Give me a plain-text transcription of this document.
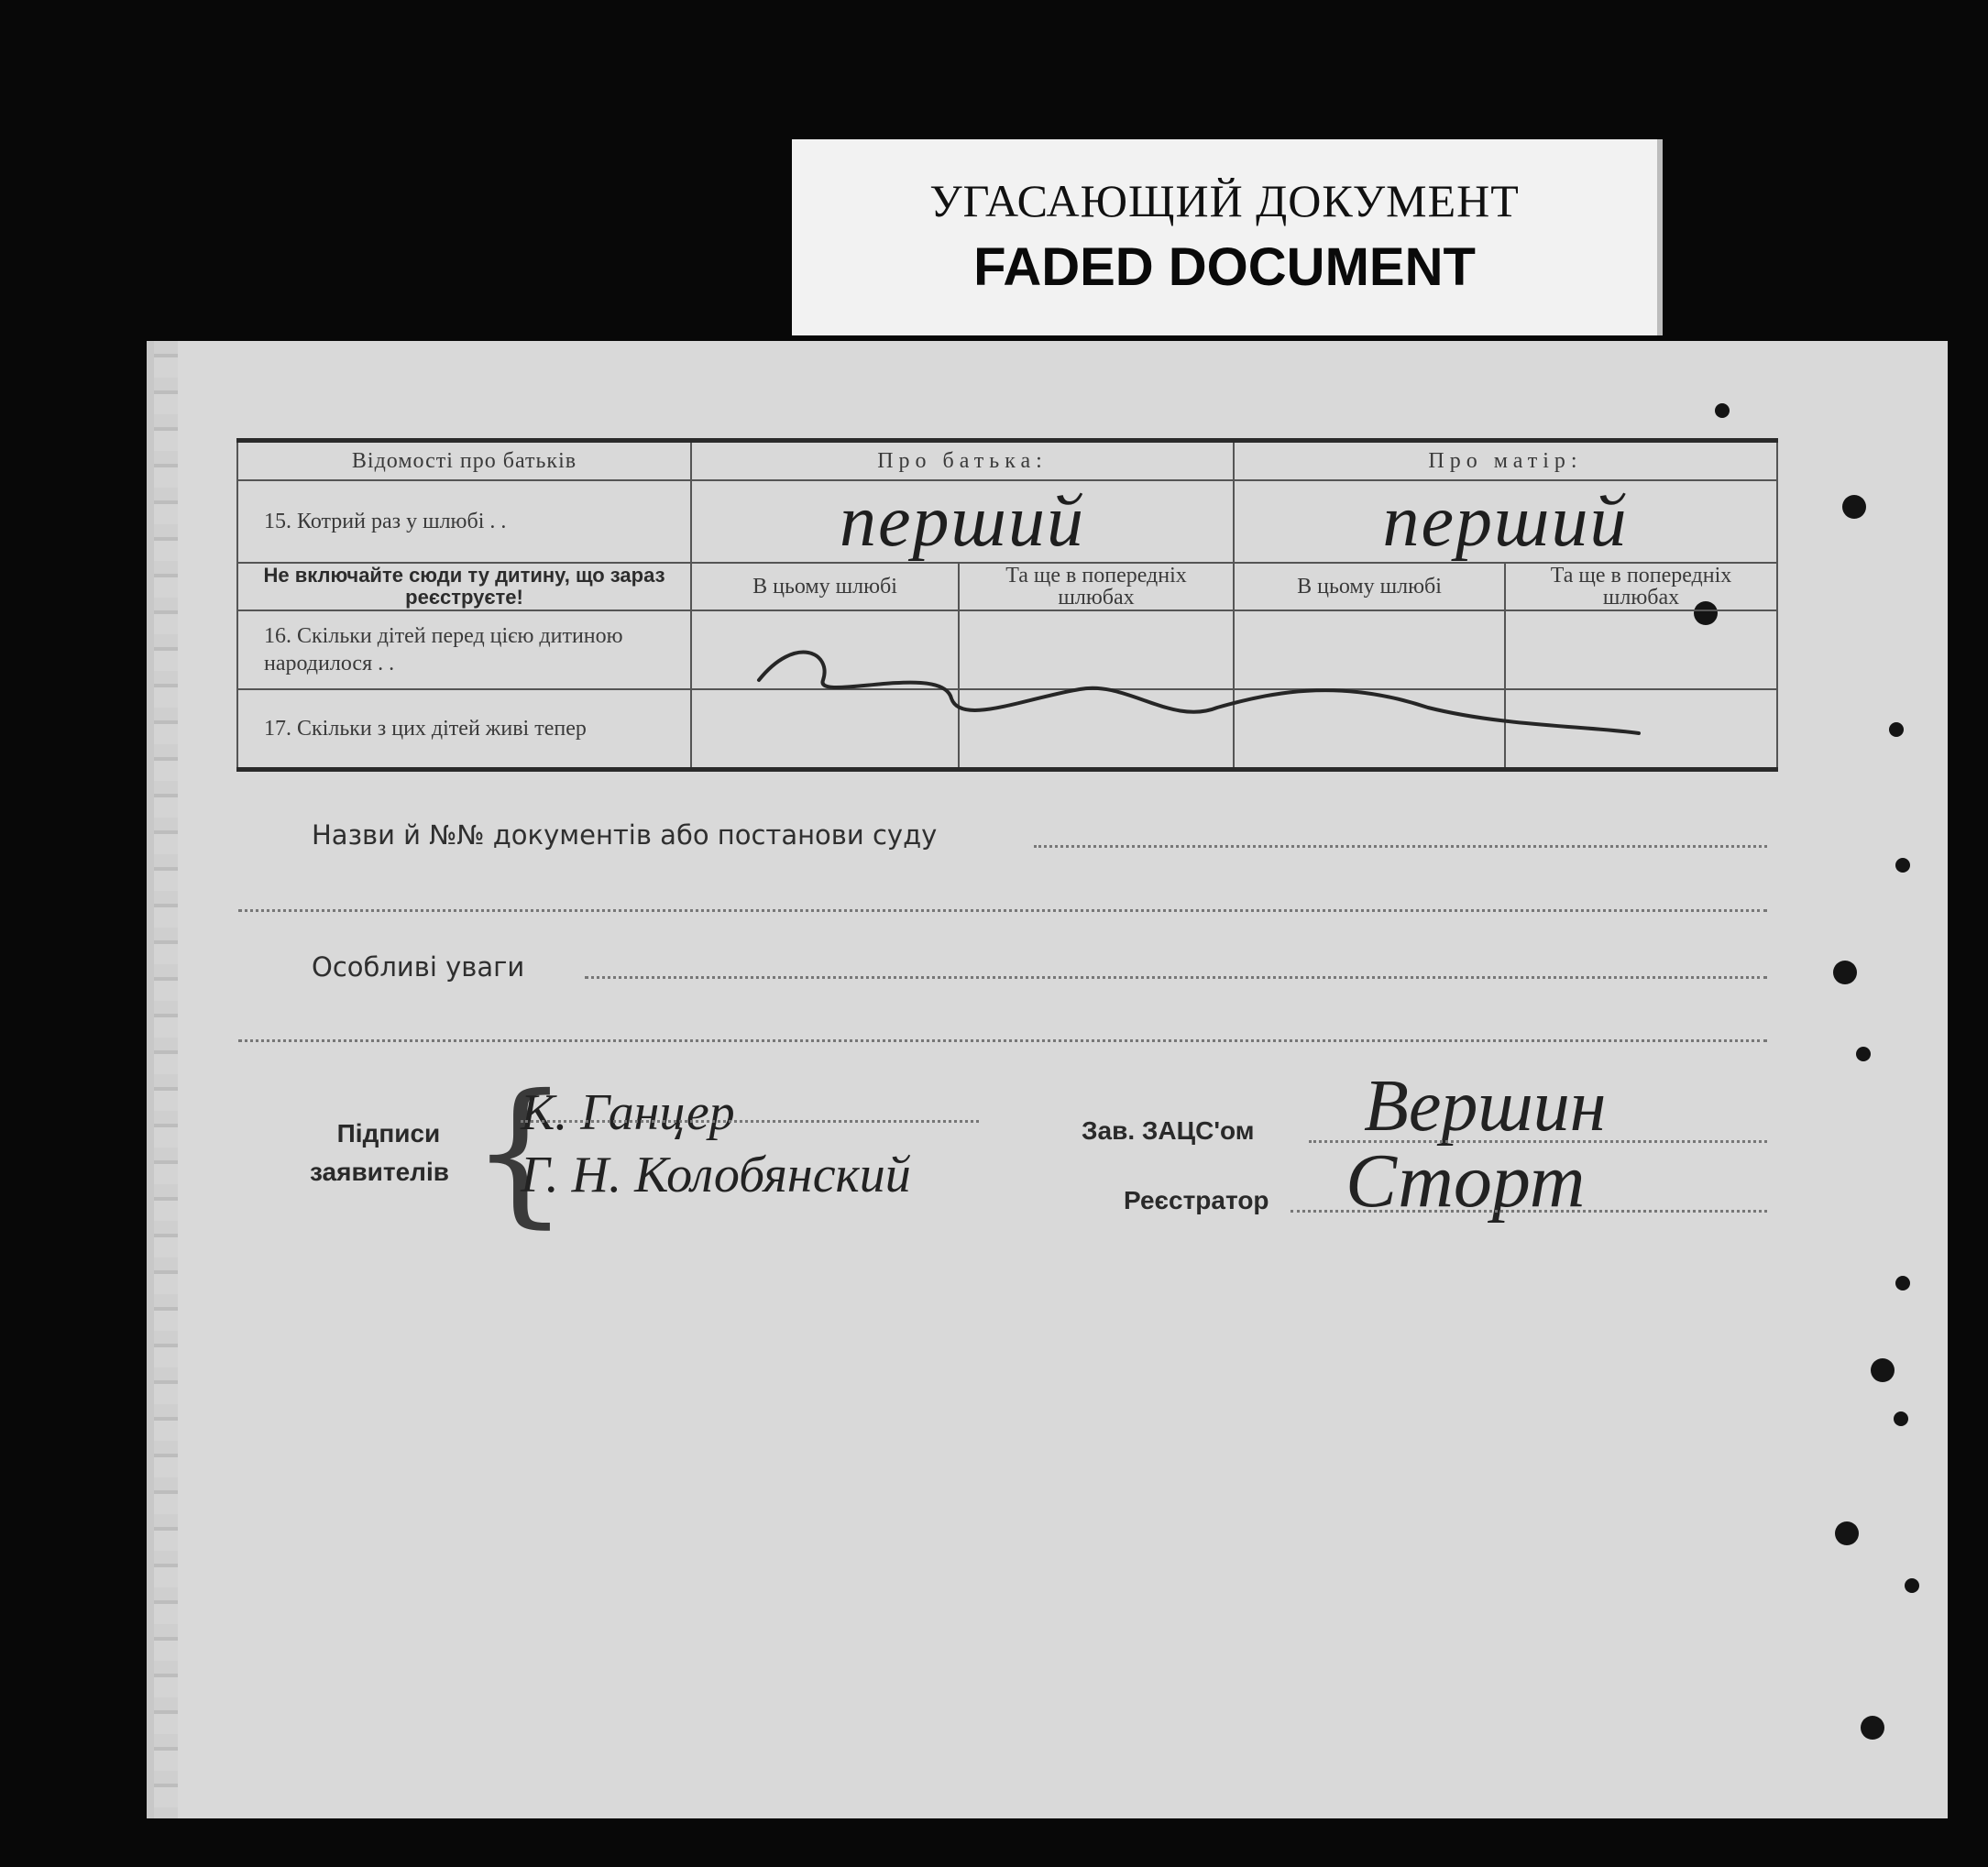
УГАСАЮЩИЙ ДОКУМЕНТ
FADED DOCUMENT
Відомості про батьків	Про батька:		Про матір:	
15. Котрий раз у шлюбі . .	перший		перший	
Не включайте сюди ту дитину, що зараз реєструєте!	В цьому шлюбі	Та ще в попередніх шлюбах	В цьому шлюбі	Та ще в попередніх шлюбах
16. Скільки дітей перед цією дитиною народилося . .				
17. Скільки з цих дітей живі тепер				
Назви й №№ документів або постанови суду
Особливі уваги
Підписи
заявителів {
К. Ганцер
Г. Н. Колобянский
Зав. ЗАЦС'ом Вершин
Реєстратор Сторт
